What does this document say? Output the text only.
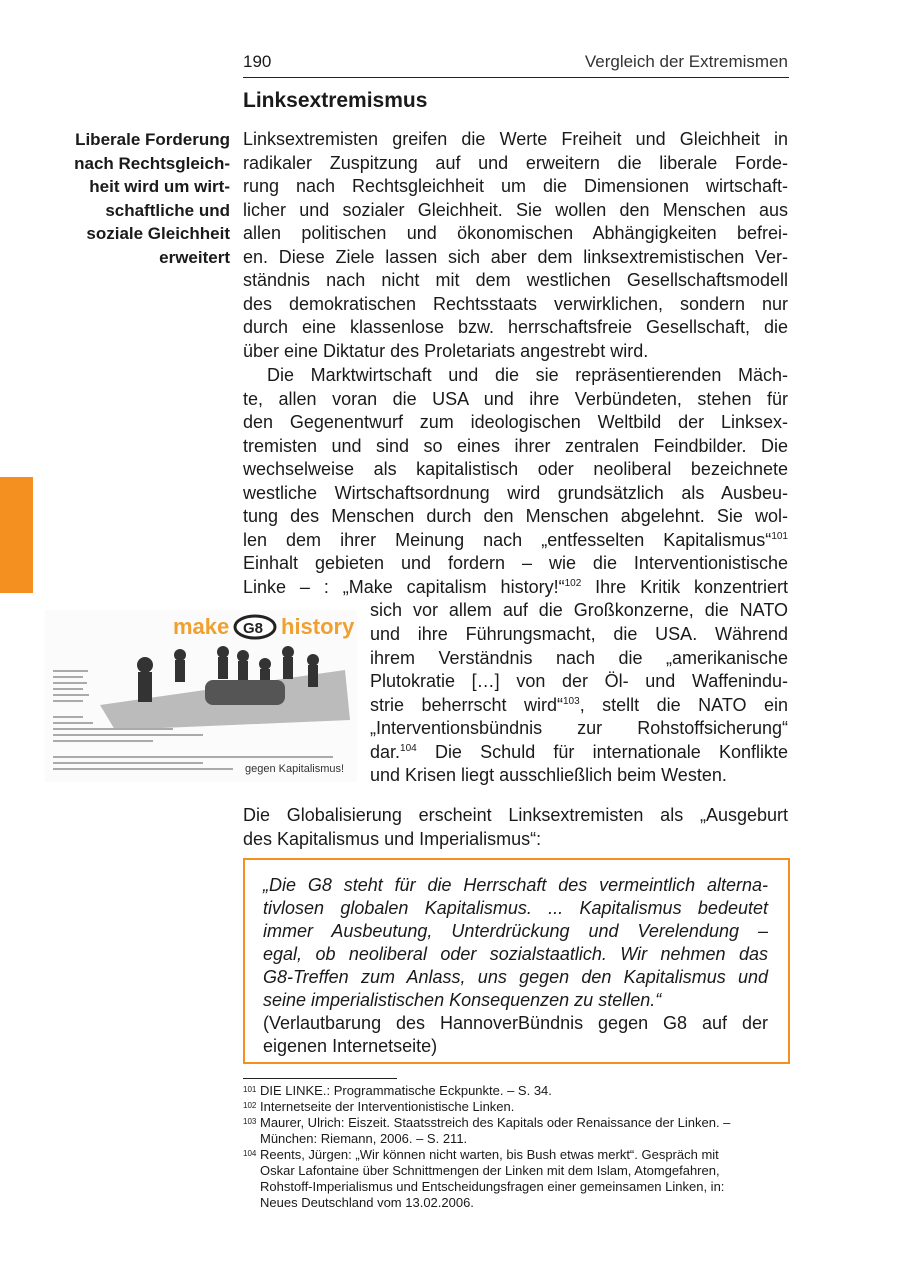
190	Vergleich der Extremismen
Linksextremismus
Liberale Forderung
nach Rechtsgleich-
heit wird um wirt-
schaftliche und
soziale Gleichheit
erweitert
Linksextremisten greifen die Werte Freiheit und Gleichheit in
radikaler Zuspitzung auf und erweitern die liberale Forde-
rung nach Rechtsgleichheit um die Dimensionen wirtschaft-
licher und sozialer Gleichheit. Sie wollen den Menschen aus
allen politischen und ökonomischen Abhängigkeiten befrei-
en. Diese Ziele lassen sich aber dem linksextremistischen Ver-
ständnis nach nicht mit dem westlichen Gesellschaftsmodell
des demokratischen Rechtsstaats verwirklichen, sondern nur
durch eine klassenlose bzw. herrschaftsfreie Gesellschaft, die
über eine Diktatur des Proletariats angestrebt wird.
Die Marktwirtschaft und die sie repräsentierenden Mäch-
te, allen voran die USA und ihre Verbündeten, stehen für
den Gegenentwurf zum ideologischen Weltbild der Linksex-
tremisten und sind so eines ihrer zentralen Feindbilder. Die
wechselweise als kapitalistisch oder neoliberal bezeichnete
westliche Wirtschaftsordnung wird grundsätzlich als Ausbeu-
tung des Menschen durch den Menschen abgelehnt. Sie wol-
len dem ihrer Meinung nach „entfesselten Kapitalismus“$^{101}$
Einhalt gebieten und fordern – wie die Interventionistische
Linke – : „Make capitalism history!“$^{102}$ Ihre Kritik konzentriert
sich vor allem auf die Großkonzerne, die NATO
und ihre Führungsmacht, die USA. Während
ihrem Verständnis nach die „amerikanische
Plutokratie […] von der Öl- und Waffenindu-
strie beherrscht wird“$^{103}$, stellt die NATO ein
„Interventionsbündnis zur Rohstoffsicherung“
dar.$^{104}$ Die Schuld für internationale Konflikte
und Krisen liegt ausschließlich beim Westen.
Die Globalisierung erscheint Linksextremisten als „Ausgeburt
des Kapitalismus und Imperialismus“:
make G8 history
gegen Kapitalismus!
„Die G8 steht für die Herrschaft des vermeintlich alterna-
tivlosen globalen Kapitalismus. ... Kapitalismus bedeutet
immer Ausbeutung, Unterdrückung und Verelendung –
egal, ob neoliberal oder sozialstaatlich. Wir nehmen das
G8-Treffen zum Anlass, uns gegen den Kapitalismus und
seine imperialistischen Konsequenzen zu stellen.“
(Verlautbarung des HannoverBündnis gegen G8 auf der
eigenen Internetseite)
101 DIE LINKE.: Programmatische Eckpunkte. – S. 34.
102 Internetseite der Interventionistische Linken.
103 Maurer, Ulrich: Eiszeit. Staatsstreich des Kapitals oder Renaissance der Linken. –
München: Riemann, 2006. – S. 211.
104 Reents, Jürgen: „Wir können nicht warten, bis Bush etwas merkt“. Gespräch mit
Oskar Lafontaine über Schnittmengen der Linken mit dem Islam, Atomgefahren,
Rohstoff-Imperialismus und Entscheidungsfragen einer gemeinsamen Linken, in:
Neues Deutschland vom 13.02.2006.
